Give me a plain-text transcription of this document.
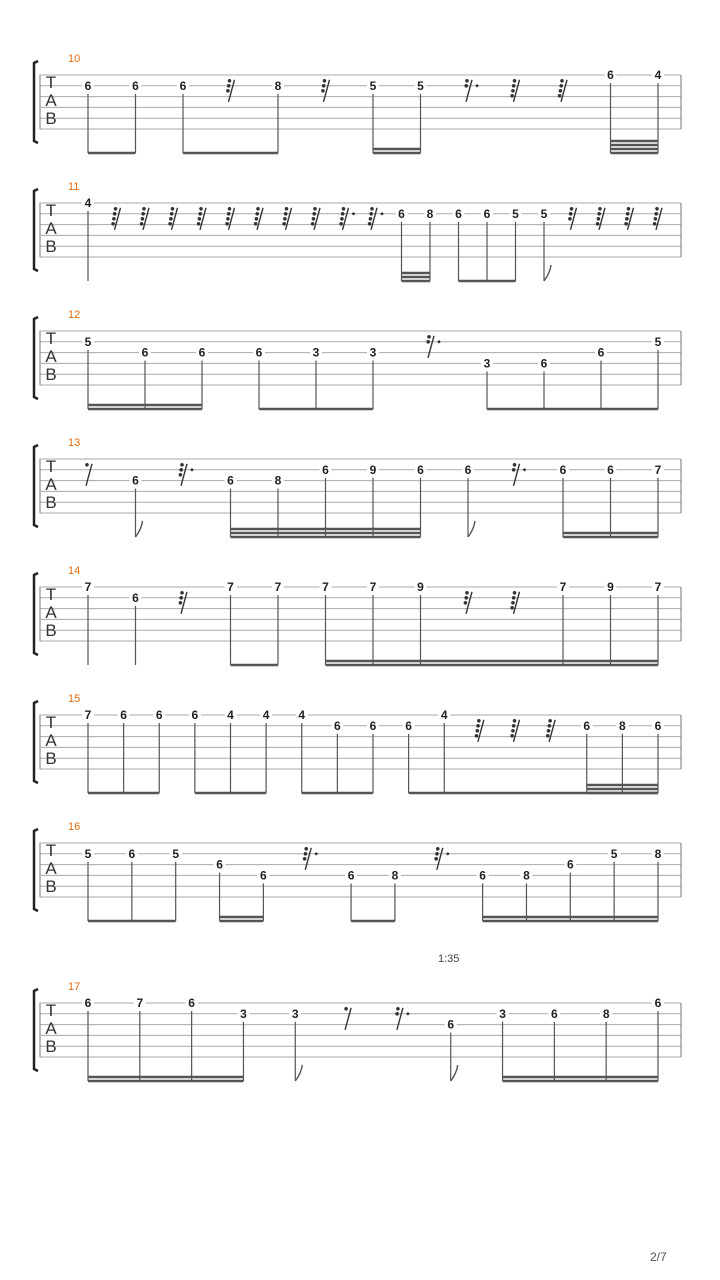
T
A
B
10
6	6	6	8	5	5
6	4
T
A
B
11
4
6 8 6 6 5 5
T
A
B
12
5
6	6	6	3	3
3	6
6
5
T
A
B
13
6	6	8
6	9	6	6	6	6	7
T
A
B
14
7
6
7	7	7	7	9	7	9	7
T
A
B
15
7 6 6 6 4 4 4
6 6 6
4
6 8 6
T
A
B
16
5	6	5
6
6	6	8	6	8
6
5	8
T
A
B
17
6	7	6
3	3
6
3	6	8
6
1:35
2/7
